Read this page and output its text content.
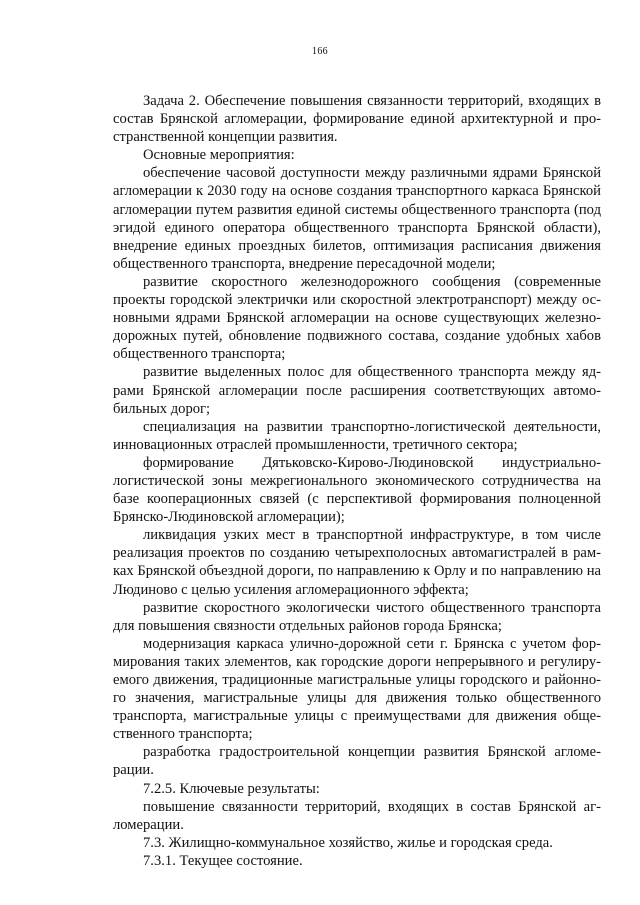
166

Задача 2. Обеспечение повышения связанности территорий, входящих в состав Брянской агломерации, формирование единой архитектурной и пространственной концепции развития.

Основные мероприятия:

обеспечение часовой доступности между различными ядрами Брянской агломерации к 2030 году на основе создания транспортного каркаса Брянской агломерации путем развития единой системы общественного транспорта (под эгидой единого оператора общественного транспорта Брянской области), внедрение единых проездных билетов, оптимизация расписания движения общественного транспорта, внедрение пересадочной модели;

развитие скоростного железнодорожного сообщения (современные проекты городской электрички или скоростной электротранспорт) между основными ядрами Брянской агломерации на основе существующих железнодорожных путей, обновление подвижного состава, создание удобных хабов общественного транспорта;

развитие выделенных полос для общественного транспорта между ядрами Брянской агломерации после расширения соответствующих автомобильных дорог;

специализация на развитии транспортно-логистической деятельности, инновационных отраслей промышленности, третичного сектора;

формирование Дятьковско-Кирово-Людиновской индустриально-логистической зоны межрегионального экономического сотрудничества на базе кооперационных связей (с перспективой формирования полноценной Брянско-Людиновской агломерации);

ликвидация узких мест в транспортной инфраструктуре, в том числе реализация проектов по созданию четырехполосных автомагистралей в рамках Брянской объездной дороги, по направлению к Орлу и по направлению на Людиново с целью усиления агломерационного эффекта;

развитие скоростного экологически чистого общественного транспорта для повышения связности отдельных районов города Брянска;

модернизация каркаса улично-дорожной сети г. Брянска с учетом формирования таких элементов, как городские дороги непрерывного и регулируемого движения, традиционные магистральные улицы городского и районного значения, магистральные улицы для движения только общественного транспорта, магистральные улицы с преимуществами для движения общественного транспорта;

разработка градостроительной концепции развития Брянской агломерации.

7.2.5. Ключевые результаты:

повышение связанности территорий, входящих в состав Брянской агломерации.

7.3. Жилищно-коммунальное хозяйство, жилье и городская среда.

7.3.1. Текущее состояние.
